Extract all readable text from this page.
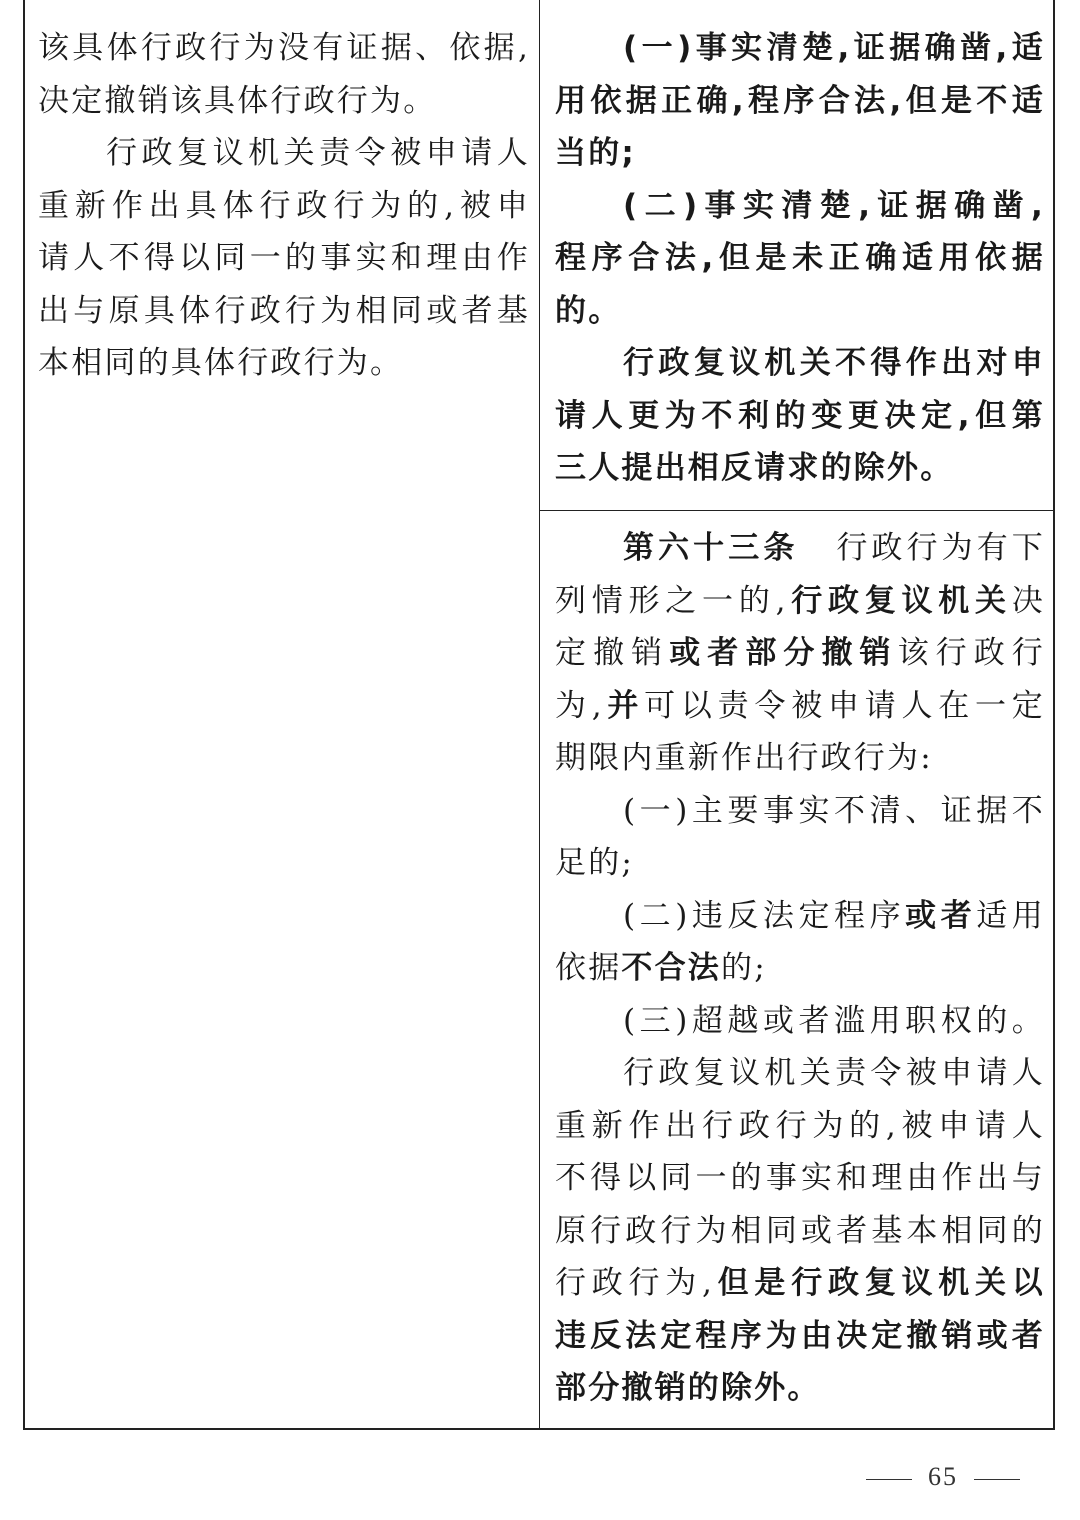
该具体行政行为没有证据、依据,

决定撤销该具体行政行为。

行政复议机关责令被申请人

重新作出具体行政行为的,被申

请人不得以同一的事实和理由作

出与原具体行政行为相同或者基

本相同的具体行政行为。

(一)事实清楚,证据确凿,适

用依据正确,程序合法,但是不适

当的;

(二)事实清楚,证据确凿,

程序合法,但是未正确适用依据

的。

行政复议机关不得作出对申

请人更为不利的变更决定,但第

三人提出相反请求的除外。

第六十三条 行政行为有下

列情形之一的,行政复议机关决

定撤销或者部分撤销该行政行

为,并可以责令被申请人在一定

期限内重新作出行政行为:

(一)主要事实不清、证据不

足的;

(二)违反法定程序或者适用

依据不合法的;

(三)超越或者滥用职权的。

行政复议机关责令被申请人

重新作出行政行为的,被申请人

不得以同一的事实和理由作出与

原行政行为相同或者基本相同的

行政行为,但是行政复议机关以

违反法定程序为由决定撤销或者

部分撤销的除外。

65
